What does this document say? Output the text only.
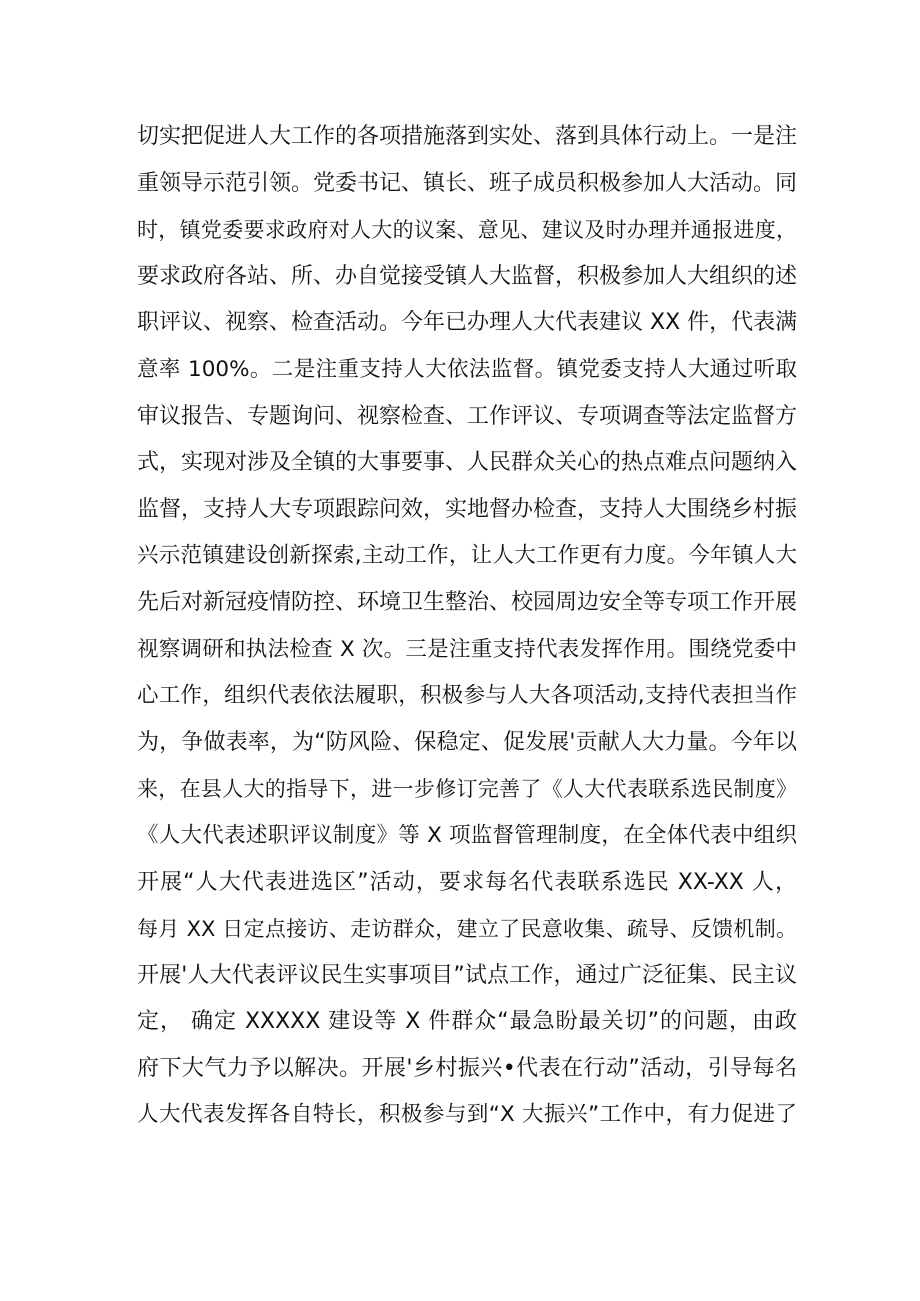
切实把促进人大工作的各项措施落到实处、落到具体行动上。一是注
重领导示范引领。党委书记、镇长、班子成员积极参加人大活动。同
时，镇党委要求政府对人大的议案、意见、建议及时办理并通报进度，
要求政府各站、所、办自觉接受镇人大监督，积极参加人大组织的述
职评议、视察、检查活动。今年已办理人大代表建议 XX 件，代表满
意率 100%。二是注重支持人大依法监督。镇党委支持人大通过听取
审议报告、专题询问、视察检查、工作评议、专项调查等法定监督方
式，实现对涉及全镇的大事要事、人民群众关心的热点难点问题纳入
监督，支持人大专项跟踪问效，实地督办检查，支持人大围绕乡村振
兴示范镇建设创新探索,主动工作，让人大工作更有力度。今年镇人大
先后对新冠疫情防控、环境卫生整治、校园周边安全等专项工作开展
视察调研和执法检查 X 次。三是注重支持代表发挥作用。围绕党委中
心工作，组织代表依法履职，积极参与人大各项活动,支持代表担当作
为，争做表率，为“防风险、保稳定、促发展'贡献人大力量。今年以
来，在县人大的指导下，进一步修订完善了《人大代表联系选民制度》
《人大代表述职评议制度》等 X 项监督管理制度，在全体代表中组织
开展“人大代表进选区”活动，要求每名代表联系选民 XX-XX 人，
每月 XX 日定点接访、走访群众，建立了民意收集、疏导、反馈机制。
开展'人大代表评议民生实事项目”试点工作，通过广泛征集、民主议
定， 确定 XXXXX 建设等 X 件群众“最急盼最关切”的问题，由政
府下大气力予以解决。开展'乡村振兴•代表在行动”活动，引导每名
人大代表发挥各自特长，积极参与到“X 大振兴”工作中，有力促进了
